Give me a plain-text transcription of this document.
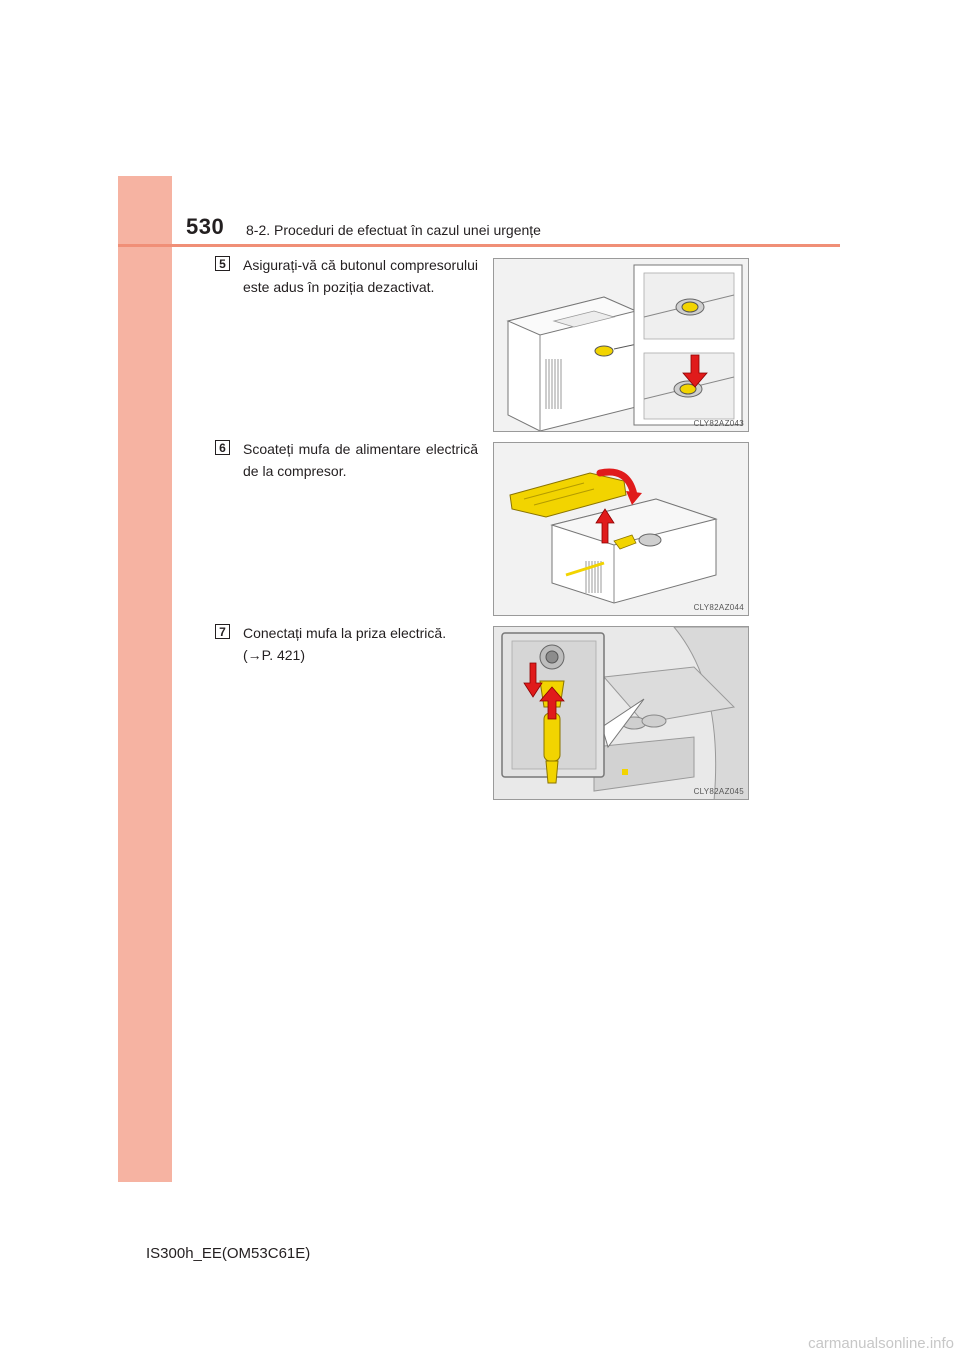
530 8-2. Proceduri de efectuat în cazul unei urgențe
5 Asigurați-vă că butonul compresorului este adus în poziția dezactivat.
CLY82AZ043
6 Scoateți mufa de alimentare electrică de la compresor.
CLY82AZ044
7 Conectați mufa la priza electrică.
(→P. 421)
CLY82AZ045
IS300h_EE(OM53C61E)
carmanualsonline.info
